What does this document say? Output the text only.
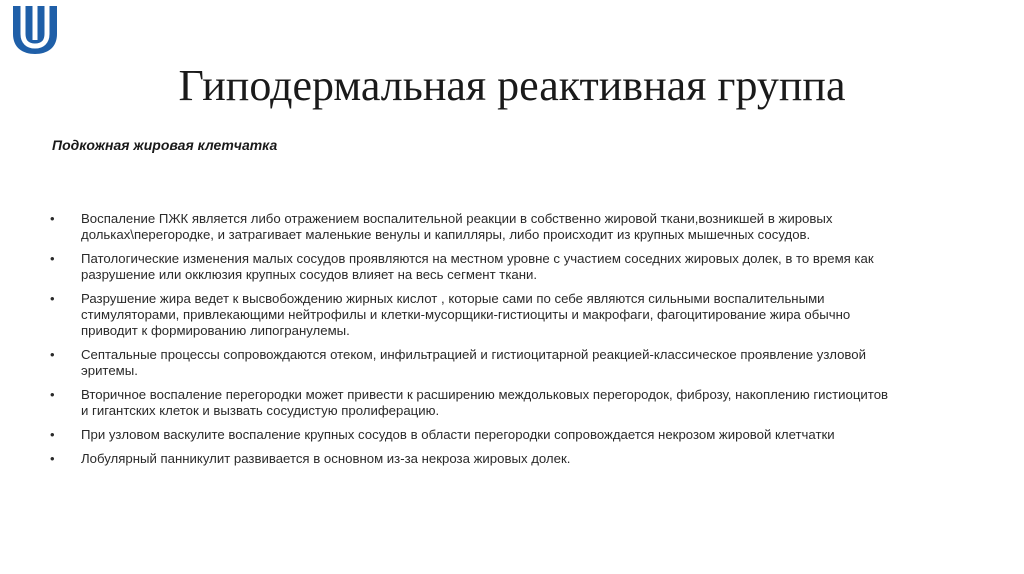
Гиподермальная реактивная группа
Подкожная жировая клетчатка
• Воспаление ПЖК является либо отражением воспалительной реакции в собственно жировой ткани,возникшей в жировых
дольках\перегородке, и затрагивает маленькие венулы и капилляры, либо происходит из крупных мышечных сосудов.
• Патологические изменения малых сосудов проявляются на местном уровне с участием соседних жировых долек, в то время как
разрушение или окклюзия крупных сосудов влияет на весь сегмент ткани.
• Разрушение жира ведет к высвобождению жирных кислот , которые сами по себе являются сильными воспалительными
стимуляторами, привлекающими нейтрофилы и клетки-мусорщики-гистиоциты и макрофаги, фагоцитирование жира обычно
приводит к формированию липогранулемы.
• Септальные процессы сопровождаются отеком, инфильтрацией и гистиоцитарной реакцией-классическое проявление узловой
эритемы.
• Вторичное воспаление перегородки может привести к расширению междольковых перегородок, фиброзу, накоплению гистиоцитов
и гигантских клеток и вызвать сосудистую пролиферацию.
• При узловом васкулите воспаление крупных сосудов в области перегородки сопровождается некрозом жировой клетчатки
• Лобулярный панникулит развивается в основном из-за некроза жировых долек.
